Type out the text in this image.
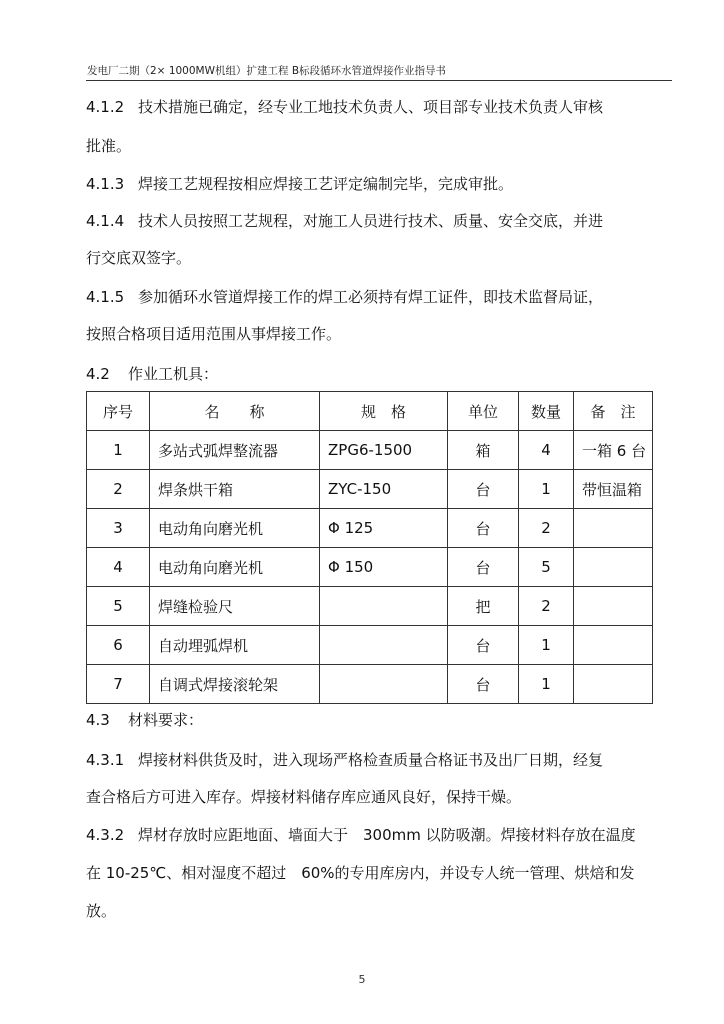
发电厂二期（2× 1000MW机组）扩建工程 B标段循环水管道焊接作业指导书
4.1.2 技术措施已确定，经专业工地技术负责人、项目部专业技术负责人审核
批准。
4.1.3 焊接工艺规程按相应焊接工艺评定编制完毕，完成审批。
4.1.4 技术人员按照工艺规程，对施工人员进行技术、质量、安全交底，并进
行交底双签字。
4.1.5 参加循环水管道焊接工作的焊工必须持有焊工证件，即技术监督局证，
按照合格项目适用范围从事焊接工作。
4.2 作业工机具：
序号	名　　称	规　格	单位	数量	备　注
1	多站式弧焊整流器	ZPG6-1500	箱	4	一箱 6 台
2	焊条烘干箱	ZYC-150	台	1	带恒温箱
3	电动角向磨光机	Φ 125	台	2	
4	电动角向磨光机	Φ 150	台	5	
5	焊缝检验尺		把	2	
6	自动埋弧焊机		台	1	
7	自调式焊接滚轮架		台	1	
4.3 材料要求：
4.3.1 焊接材料供货及时，进入现场严格检查质量合格证书及出厂日期，经复
查合格后方可进入库存。焊接材料储存库应通风良好，保持干燥。
4.3.2 焊材存放时应距地面、墙面大于　300mm 以防吸潮。焊接材料存放在温度
在 10-25℃、相对湿度不超过　60%的专用库房内，并设专人统一管理、烘焙和发
放。
5
